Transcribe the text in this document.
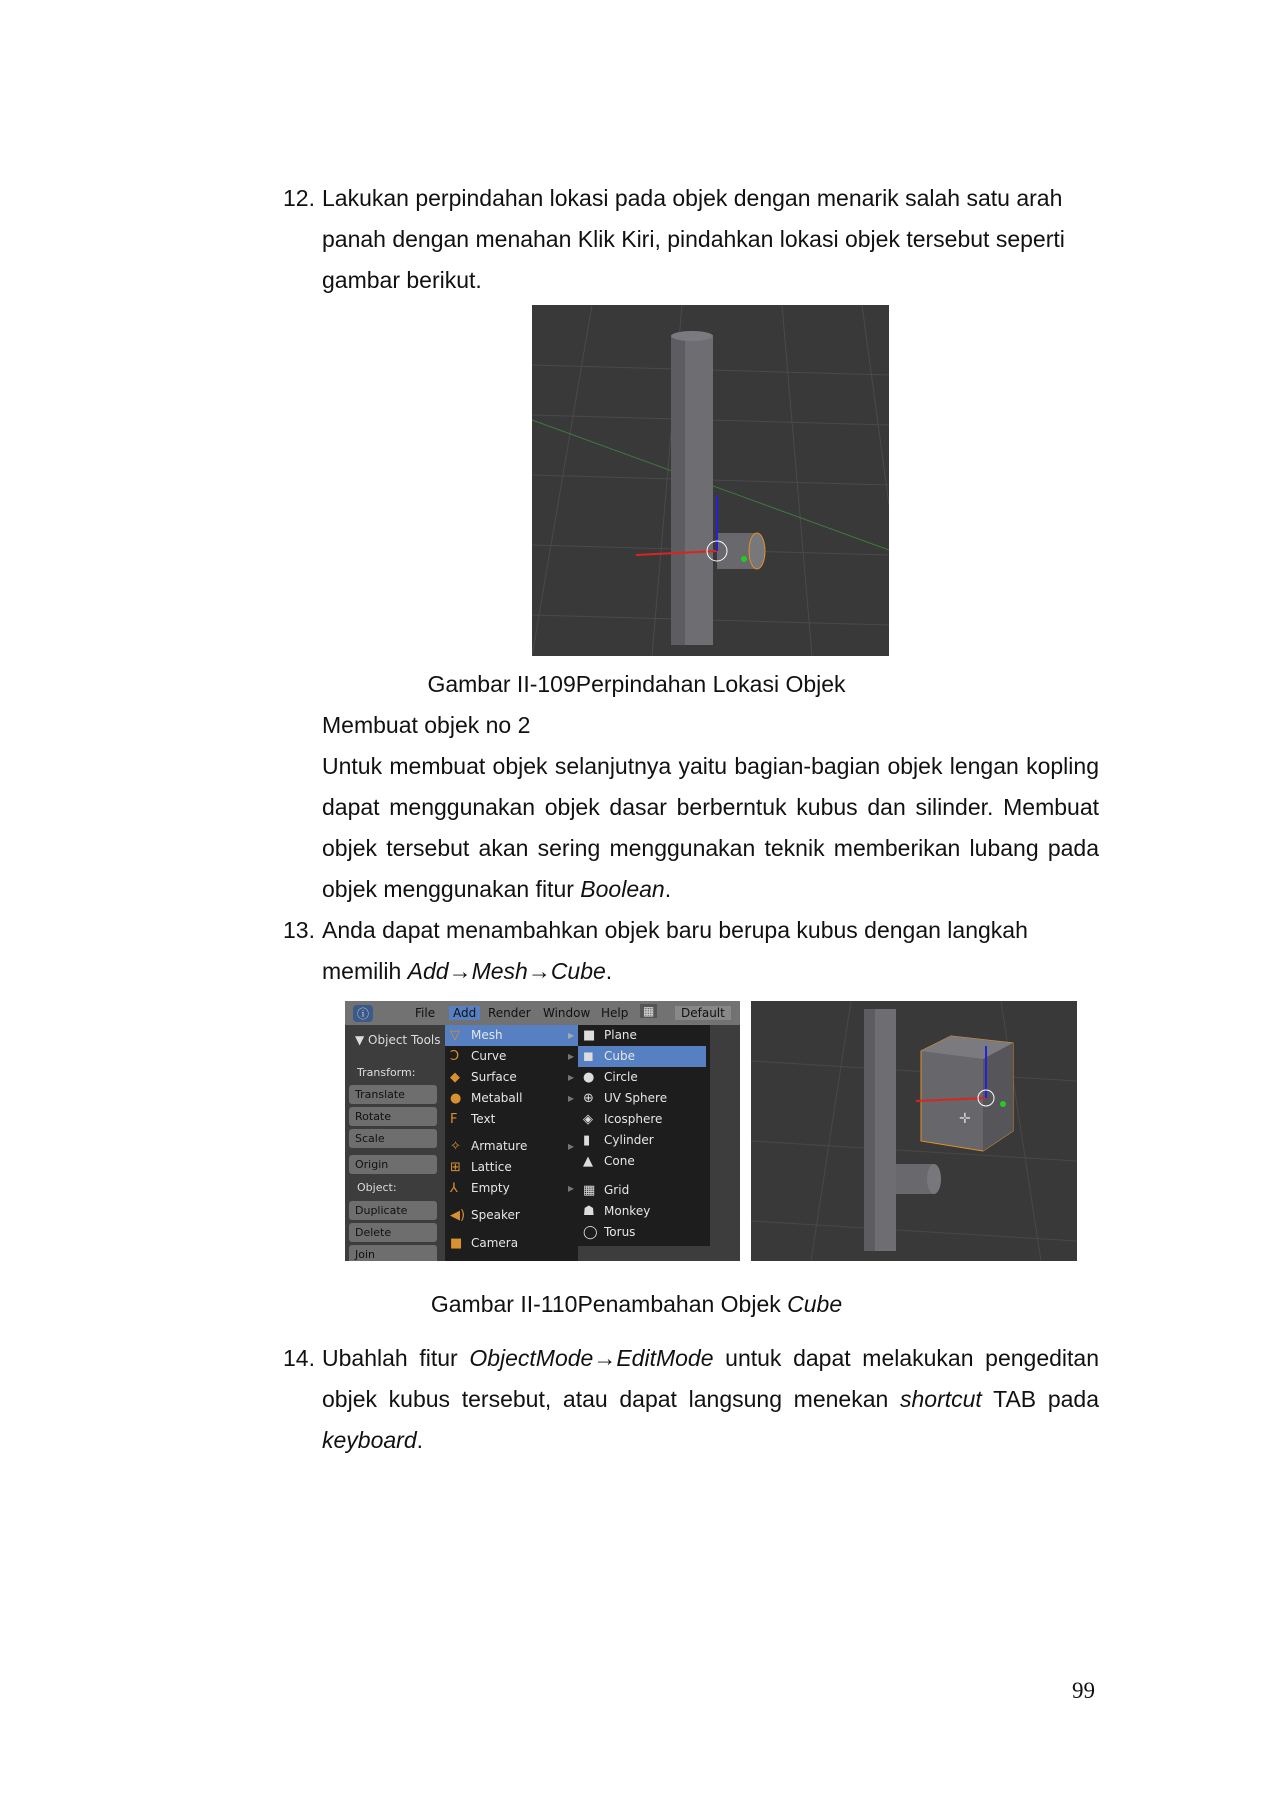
12. Lakukan perpindahan lokasi pada objek dengan menarik salah satu arah
panah dengan menahan Klik Kiri, pindahkan lokasi objek tersebut seperti
gambar berikut.
Gambar II-109Perpindahan Lokasi Objek
Membuat objek no 2
Untuk membuat objek selanjutnya yaitu bagian-bagian objek lengan kopling dapat menggunakan objek dasar berberntuk kubus dan silinder. Membuat objek tersebut akan sering menggunakan teknik memberikan lubang pada objek menggunakan fitur Boolean.
13. Anda dapat menambahkan objek baru berupa kubus dengan langkah
memilih Add→Mesh→Cube.
ⓘ	File	Add Render Window Help ▦	Default
▼ Object Tools
Transform:
Translate
Rotate
Scale
Origin
Object:
Duplicate
Delete
Join
▽ Mesh	▸
Ͻ Curve	▸
◆ Surface	▸
● Metaball	▸
F Text
✧ Armature	▸
⊞ Lattice
⅄ Empty	▸
◀) Speaker
■ Camera
■ Plane
◼ Cube
● Circle
⊕ UV Sphere
◈ Icosphere
▮ Cylinder
▲ Cone
▦ Grid
☗ Monkey
◯ Torus
✛
Gambar II-110Penambahan Objek Cube
14. Ubahlah fitur ObjectMode→EditMode untuk dapat melakukan pengeditan
objek kubus tersebut, atau dapat langsung menekan shortcut TAB pada
keyboard.
99
